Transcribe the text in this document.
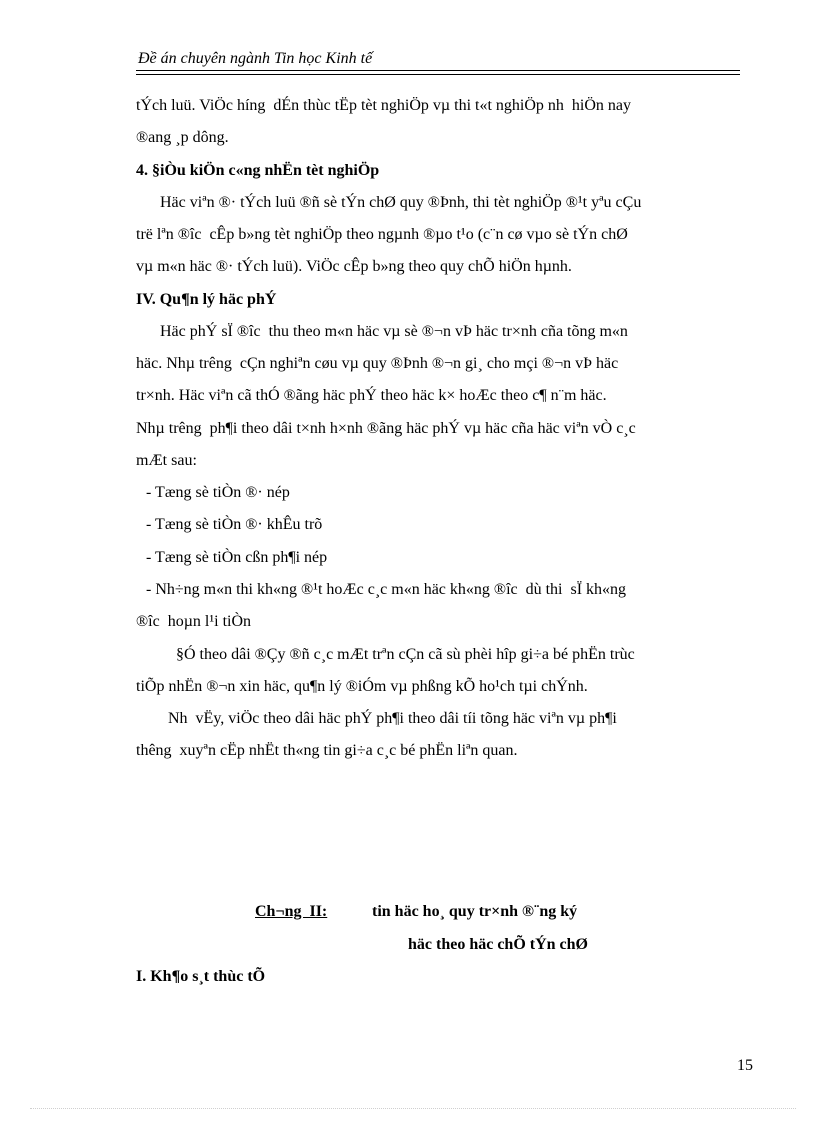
Đề án chuyên ngành Tin học Kinh tế
tÝch luü. ViÖc híng  dÉn thùc tËp tèt nghiÖp vµ thi t«t nghiÖp nh  hiÖn nay
®ang ¸p dông.
4. §iÒu kiÖn c«ng nhËn tèt nghiÖp
Häc viªn ®· tÝch luü ®ñ sè tÝn chØ quy ®Þnh, thi tèt nghiÖp ®¹t yªu cÇu
trë lªn ®îc  cÊp b»ng tèt nghiÖp theo ngµnh ®µo t¹o (c¨n cø vµo sè tÝn chØ
vµ m«n häc ®· tÝch luü). ViÖc cÊp b»ng theo quy chÕ hiÖn hµnh.
IV. Qu¶n lý häc phÝ
Häc phÝ sÏ ®îc  thu theo m«n häc vµ sè ®¬n vÞ häc tr×nh cña tõng m«n
häc. Nhµ trêng  cÇn nghiªn cøu vµ quy ®Þnh ®¬n gi¸ cho mçi ®¬n vÞ häc
tr×nh. Häc viªn cã thÓ ®ãng häc phÝ theo häc k× hoÆc theo c¶ n¨m häc.
Nhµ trêng  ph¶i theo dâi t×nh h×nh ®ãng häc phÝ vµ häc cña häc viªn vÒ c¸c
mÆt sau:
- Tæng sè tiÒn ®· nép
- Tæng sè tiÒn ®· khÊu trõ
- Tæng sè tiÒn cßn ph¶i nép
- Nh÷ng m«n thi kh«ng ®¹t hoÆc c¸c m«n häc kh«ng ®îc  dù thi  sÏ kh«ng
®îc  hoµn l¹i tiÒn
§Ó theo dâi ®Çy ®ñ c¸c mÆt trªn cÇn cã sù phèi hîp gi÷a bé phËn trùc
tiÕp nhËn ®¬n xin häc, qu¶n lý ®iÓm vµ phßng kÕ ho¹ch tµi chÝnh.
Nh  vËy, viÖc theo dâi häc phÝ ph¶i theo dâi tíi tõng häc viªn vµ ph¶i
thêng  xuyªn cËp nhËt th«ng tin gi÷a c¸c bé phËn liªn quan.
Ch¬ng  II:	tin häc ho¸ quy tr×nh ®¨ng ký
häc theo häc chÕ tÝn chØ
I. Kh¶o s¸t thùc tÕ
15
